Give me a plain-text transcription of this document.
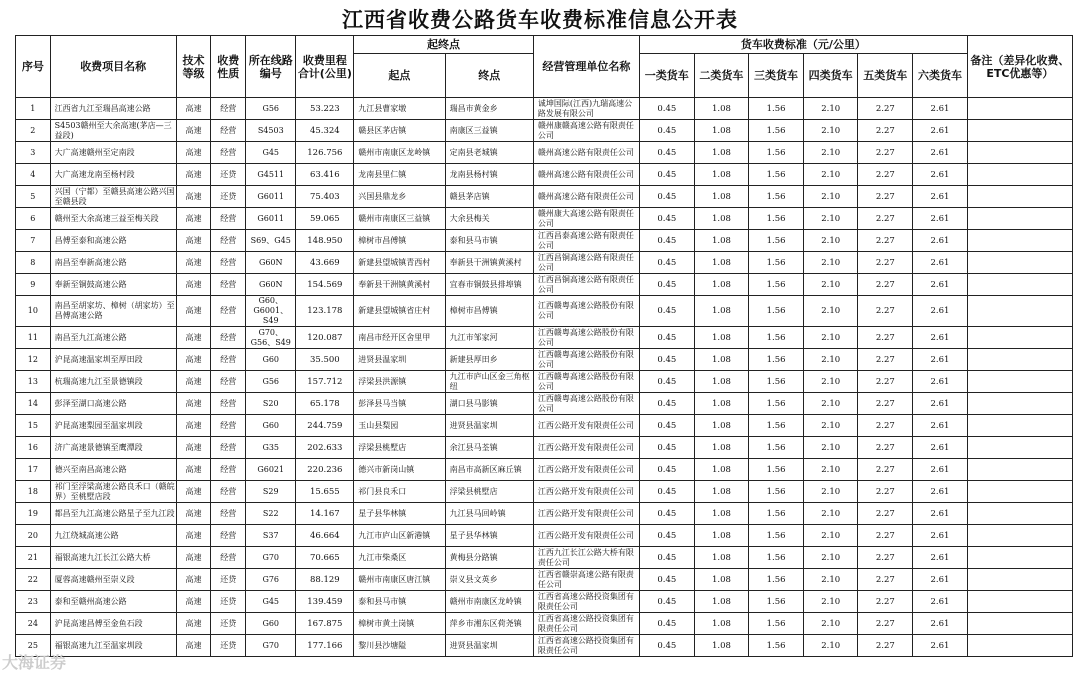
江西省收费公路货车收费标准信息公开表
序号	收费项目名称	技术等级	收费性质	所在线路编号	收费里程合计(公里)	起终点		经营管理单位名称	货车收费标准（元/公里）						备注（差异化收费、ETC优惠等）
						起点	终点		一类货车	二类货车	三类货车	四类货车	五类货车	六类货车	
1	江西省九江至瑞昌高速公路	高速	经营	G56	53.223	九江县曹家墩	瑞昌市黄金乡	诚坤国际(江西)九瑞高速公路发展有限公司	0.45	1.08	1.56	2.10	2.27	2.61	
2	S4503赣州至大余高速(茅店—三益段)	高速	经营	S4503	45.324	赣县区茅店镇	南康区三益镇	赣州康赣高速公路有限责任公司	0.45	1.08	1.56	2.10	2.27	2.61	
3	大广高速赣州至定南段	高速	经营	G45	126.756	赣州市南康区龙岭镇	定南县老城镇	赣州高速公路有限责任公司	0.45	1.08	1.56	2.10	2.27	2.61	
4	大广高速龙南至杨村段	高速	还贷	G4511	63.416	龙南县里仁镇	龙南县杨村镇	赣州高速公路有限责任公司	0.45	1.08	1.56	2.10	2.27	2.61	
5	兴国（宁都）至赣县高速公路兴国至赣县段	高速	还贷	G6011	75.403	兴国县鼎龙乡	赣县茅店镇	赣州高速公路有限责任公司	0.45	1.08	1.56	2.10	2.27	2.61	
6	赣州至大余高速三益至梅关段	高速	经营	G6011	59.065	赣州市南康区三益镇	大余县梅关	赣州康大高速公路有限责任公司	0.45	1.08	1.56	2.10	2.27	2.61	
7	昌傅至泰和高速公路	高速	经营	S69、G45	148.950	樟树市昌傅镇	泰和县马市镇	江西昌泰高速公路有限责任公司	0.45	1.08	1.56	2.10	2.27	2.61	
8	南昌至奉新高速公路	高速	经营	G60N	43.669	新建县望城镇青西村	奉新县干洲镇黄溪村	江西昌铜高速公路有限责任公司	0.45	1.08	1.56	2.10	2.27	2.61	
9	奉新至铜鼓高速公路	高速	经营	G60N	154.569	奉新县干洲镇黄溪村	宜春市铜鼓县排埠镇	江西昌铜高速公路有限责任公司	0.45	1.08	1.56	2.10	2.27	2.61	
10	南昌至胡家坊、樟树（胡家坊）至昌傅高速公路	高速	经营	G60、G6001、S49	123.178	新建县望城镇省庄村	樟树市昌傅镇	江西赣粤高速公路股份有限公司	0.45	1.08	1.56	2.10	2.27	2.61	
11	南昌至九江高速公路	高速	经营	G70、G56、S49	120.087	南昌市经开区舍里甲	九江市邹家河	江西赣粤高速公路股份有限公司	0.45	1.08	1.56	2.10	2.27	2.61	
12	沪昆高速温家圳至厚田段	高速	经营	G60	35.500	进贤县温家圳	新建县厚田乡	江西赣粤高速公路股份有限公司	0.45	1.08	1.56	2.10	2.27	2.61	
13	杭瑞高速九江至景德镇段	高速	经营	G56	157.712	浮梁县洪源镇	九江市庐山区金三角枢纽	江西赣粤高速公路股份有限公司	0.45	1.08	1.56	2.10	2.27	2.61	
14	彭泽至湖口高速公路	高速	经营	S20	65.178	彭泽县马当镇	湖口县马影镇	江西赣粤高速公路股份有限公司	0.45	1.08	1.56	2.10	2.27	2.61	
15	沪昆高速梨园至温家圳段	高速	经营	G60	244.759	玉山县梨园	进贤县温家圳	江西公路开发有限责任公司	0.45	1.08	1.56	2.10	2.27	2.61	
16	济广高速景德镇至鹰潭段	高速	经营	G35	202.633	浮梁县桃墅店	余江县马荃镇	江西公路开发有限责任公司	0.45	1.08	1.56	2.10	2.27	2.61	
17	德兴至南昌高速公路	高速	经营	G6021	220.236	德兴市新岗山镇	南昌市高新区麻丘镇	江西公路开发有限责任公司	0.45	1.08	1.56	2.10	2.27	2.61	
18	祁门至浮梁高速公路良禾口（赣皖界）至桃墅店段	高速	经营	S29	15.655	祁门县良禾口	浮梁县桃墅店	江西公路开发有限责任公司	0.45	1.08	1.56	2.10	2.27	2.61	
19	都昌至九江高速公路星子至九江段	高速	经营	S22	14.167	星子县华林镇	九江县马回岭镇	江西公路开发有限责任公司	0.45	1.08	1.56	2.10	2.27	2.61	
20	九江绕城高速公路	高速	经营	S37	46.664	九江市庐山区新港镇	星子县华林镇	江西公路开发有限责任公司	0.45	1.08	1.56	2.10	2.27	2.61	
21	福银高速九江长江公路大桥	高速	经营	G70	70.665	九江市柴桑区	黄梅县分路镇	江西九江长江公路大桥有限责任公司	0.45	1.08	1.56	2.10	2.27	2.61	
22	厦蓉高速赣州至崇义段	高速	还贷	G76	88.129	赣州市南康区唐江镇	崇义县文英乡	江西省赣崇高速公路有限责任公司	0.45	1.08	1.56	2.10	2.27	2.61	
23	泰和至赣州高速公路	高速	还贷	G45	139.459	泰和县马市镇	赣州市南康区龙岭镇	江西省高速公路投资集团有限责任公司	0.45	1.08	1.56	2.10	2.27	2.61	
24	沪昆高速昌傅至金鱼石段	高速	还贷	G60	167.875	樟树市黄土岗镇	萍乡市湘东区荷尧镇	江西省高速公路投资集团有限责任公司	0.45	1.08	1.56	2.10	2.27	2.61	
25	福银高速九江至温家圳段	高速	还贷	G70	177.166	黎川县沙塘隘	进贤县温家圳	江西省高速公路投资集团有限责任公司	0.45	1.08	1.56	2.10	2.27	2.61	
大海证券
